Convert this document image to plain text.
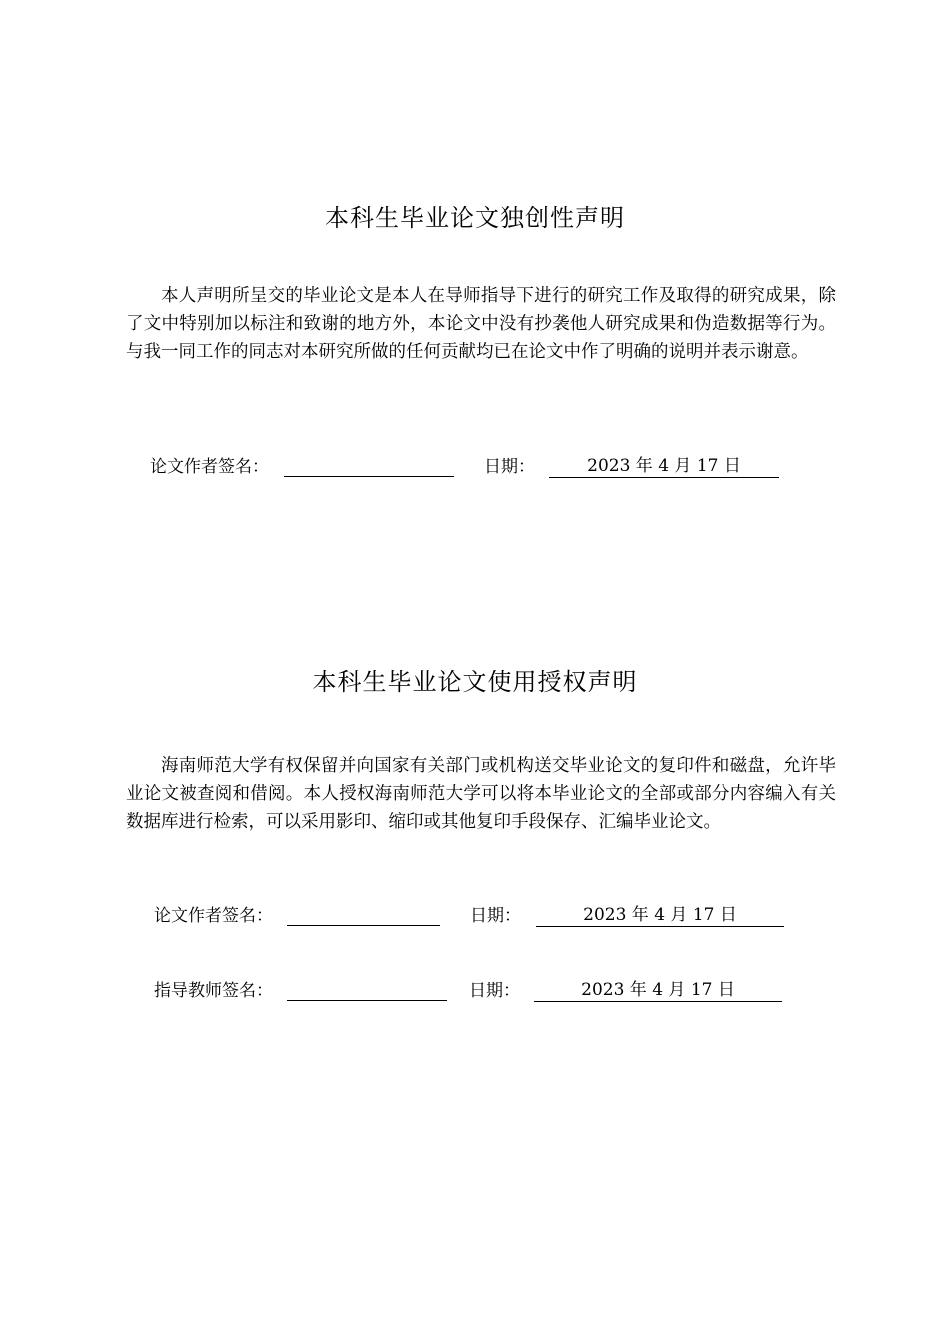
本科生毕业论文独创性声明

本人声明所呈交的毕业论文是本人在导师指导下进行的研究工作及取得的研究成果，除了文中特别加以标注和致谢的地方外，本论文中没有抄袭他人研究成果和伪造数据等行为。与我一同工作的同志对本研究所做的任何贡献均已在论文中作了明确的说明并表示谢意。

论文作者签名：	日期：	2023 年 4 月 17 日
本科生毕业论文使用授权声明

海南师范大学有权保留并向国家有关部门或机构送交毕业论文的复印件和磁盘，允许毕业论文被查阅和借阅。本人授权海南师范大学可以将本毕业论文的全部或部分内容编入有关数据库进行检索，可以采用影印、缩印或其他复印手段保存、汇编毕业论文。

论文作者签名：	日期：	2023 年 4 月 17 日
指导教师签名：	日期：	2023 年 4 月 17 日
